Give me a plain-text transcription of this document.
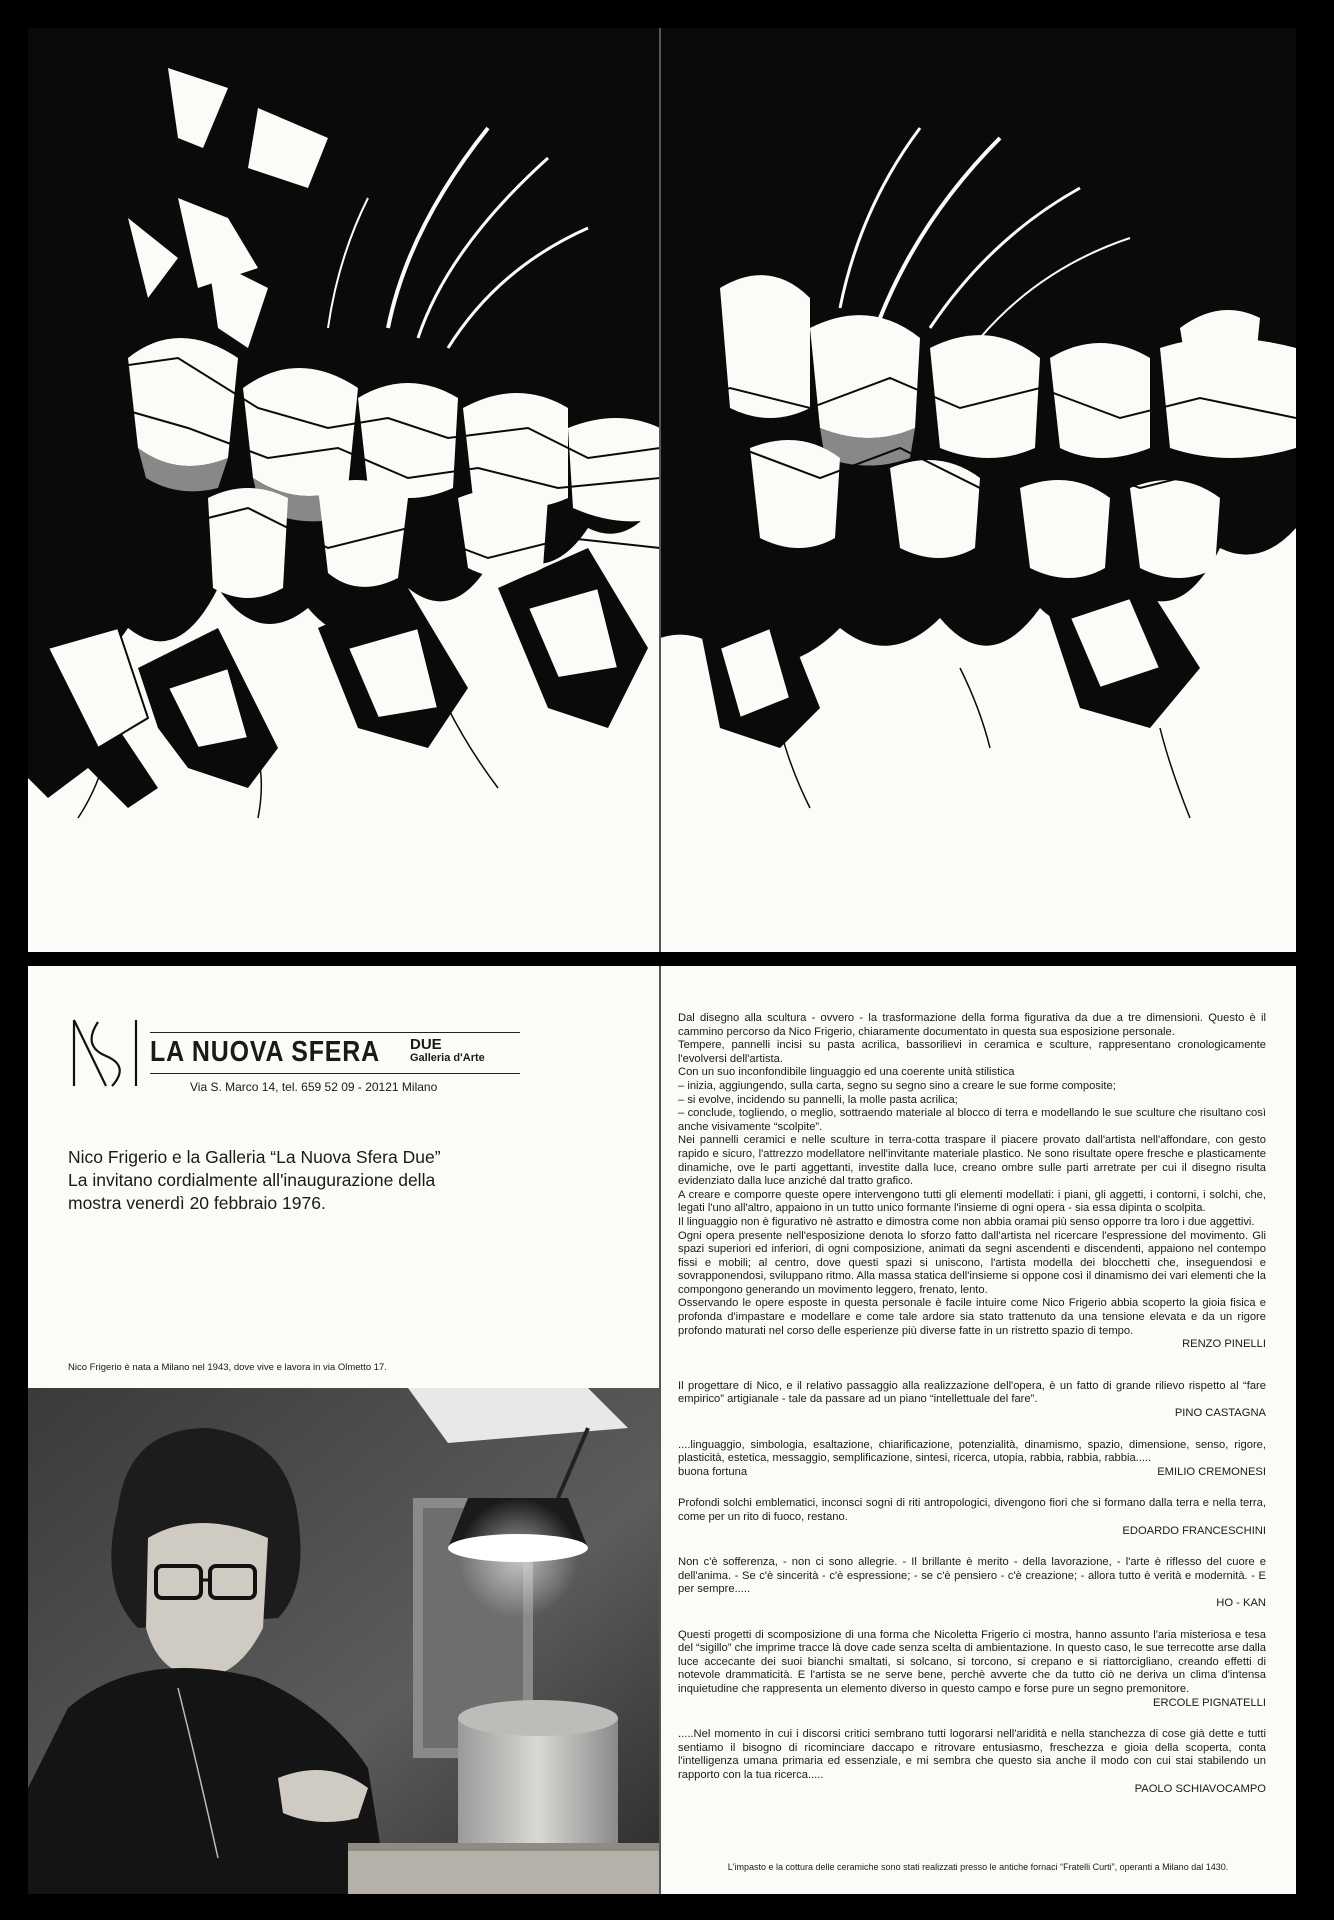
LA NUOVA SFERA DUE
Galleria d'Arte
Via S. Marco 14, tel. 659 52 09 - 20121 Milano
Nico Frigerio e la Galleria “La Nuova Sfera Due”
La invitano cordialmente all'inaugurazione della
mostra venerdì 20 febbraio 1976.
Nico Frigerio è nata a Milano nel 1943, dove vive e lavora in via Olmetto 17.

Dal disegno alla scultura - ovvero - la trasformazione della forma figurativa da due a tre dimensioni. Questo è il cammino percorso da Nico Frigerio, chiaramente documentato in questa sua esposizione personale.

Tempere, pannelli incisi su pasta acrilica, bassorilievi in ceramica e sculture, rappresentano cronologicamente l'evolversi dell'artista.

Con un suo inconfondibile linguaggio ed una coerente unità stilistica

– inizia, aggiungendo, sulla carta, segno su segno sino a creare le sue forme composite;

– si evolve, incidendo su pannelli, la molle pasta acrilica;

– conclude, togliendo, o meglio, sottraendo materiale al blocco di terra e modellando le sue sculture che risultano così anche visivamente “scolpite”.

Nei pannelli ceramici e nelle sculture in terra-cotta traspare il piacere provato dall'artista nell'affondare, con gesto rapido e sicuro, l'attrezzo modellatore nell'invitante materiale plastico. Ne sono risultate opere fresche e plasticamente dinamiche, ove le parti aggettanti, investite dalla luce, creano ombre sulle parti arretrate per cui il disegno risulta evidenziato dalla luce anziché dal tratto grafico.

A creare e comporre queste opere intervengono tutti gli elementi modellati: i piani, gli aggetti, i contorni, i solchi, che, legati l'uno all'altro, appaiono in un tutto unico formante l'insieme di ogni opera - sia essa dipinta o scolpita.

Il linguaggio non è figurativo nè astratto e dimostra come non abbia oramai più senso opporre tra loro i due aggettivi.

Ogni opera presente nell'esposizione denota lo sforzo fatto dall'artista nel ricercare l'espressione del movimento. Gli spazi superiori ed inferiori, di ogni composizione, animati da segni ascendenti e discendenti, appaiono nel contempo fissi e mobili; al centro, dove questi spazi si uniscono, l'artista modella dei blocchetti che, inseguendosi e sovrapponendosi, sviluppano ritmo. Alla massa statica dell'insieme si oppone così il dinamismo dei vari elementi che la compongono generando un movimento leggero, frenato, lento.

Osservando le opere esposte in questa personale è facile intuire come Nico Frigerio abbia scoperto la gioia fisica e profonda d'impastare e modellare e come tale ardore sia stato trattenuto da una tensione elevata e da un rigore profondo maturati nel corso delle esperienze più diverse fatte in un ristretto spazio di tempo.

RENZO PINELLI

Il progettare di Nico, e il relativo passaggio alla realizzazione dell'opera, è un fatto di grande rilievo rispetto al “fare empirico” artigianale - tale da passare ad un piano “intellettuale del fare”.

PINO CASTAGNA

....linguaggio, simbologia, esaltazione, chiarificazione, potenzialità, dinamismo, spazio, dimensione, senso, rigore, plasticità, estetica, messaggio, semplificazione, sintesi, ricerca, utopia, rabbia, rabbia, rabbia.....

buona fortuna	EMILIO CREMONESI

Profondi solchi emblematici, inconsci sogni di riti antropologici, divengono fiori che si formano dalla terra e nella terra, come per un rito di fuoco, restano.

EDOARDO FRANCESCHINI

Non c'è sofferenza, - non ci sono allegrie. - Il brillante è merito - della lavorazione, - l'arte è riflesso del cuore e dell'anima. - Se c'è sincerità - c'è espressione; - se c'è pensiero - c'è creazione; - allora tutto è verità e modernità. - E per sempre.....

HO - KAN

Questi progetti di scomposizione di una forma che Nicoletta Frigerio ci mostra, hanno assunto l'aria misteriosa e tesa del “sigillo” che imprime tracce là dove cade senza scelta di ambientazione. In questo caso, le sue terrecotte arse dalla luce accecante dei suoi bianchi smaltati, si solcano, si torcono, si crepano e si riattorcigliano, creando effetti di notevole drammaticità. E l'artista se ne serve bene, perchè avverte che da tutto ciò ne deriva un clima d'intensa inquietudine che rappresenta un elemento diverso in questo campo e forse pure un segno premonitore.

ERCOLE PIGNATELLI

.....Nel momento in cui i discorsi critici sembrano tutti logorarsi nell'aridità e nella stanchezza di cose già dette e tutti sentiamo il bisogno di ricominciare daccapo e ritrovare entusiasmo, freschezza e gioia della scoperta, conta l'intelligenza umana primaria ed essenziale, e mi sembra che questo sia anche il modo con cui stai stabilendo un rapporto con la tua ricerca.....

PAOLO SCHIAVOCAMPO

L'impasto e la cottura delle ceramiche sono stati realizzati presso le antiche fornaci “Fratelli Curti”, operanti a Milano dal 1430.
